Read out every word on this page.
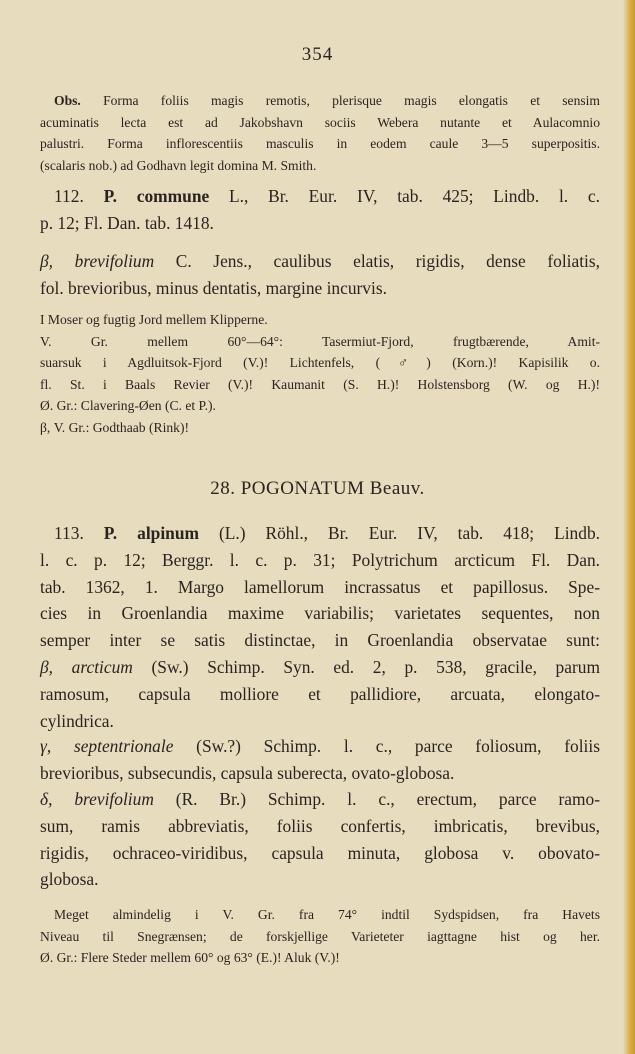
354

Obs. Forma foliis magis remotis, plerisque magis elongatis et sensim

acuminatis lecta est ad Jakobshavn sociis Webera nutante et Aulacomnio

palustri. Forma inflorescentiis masculis in eodem caule 3—5 superpositis.

(scalaris nob.) ad Godhavn legit domina M. Smith.

112. P. commune L., Br. Eur. IV, tab. 425; Lindb. l. c.

p. 12; Fl. Dan. tab. 1418.

β, brevifolium C. Jens., caulibus elatis, rigidis, dense foliatis,

fol. brevioribus, minus dentatis, margine incurvis.

I Moser og fugtig Jord mellem Klipperne.

V. Gr. mellem 60°—64°: Tasermiut-Fjord, frugtbærende, Amit-

suarsuk i Agdluitsok-Fjord (V.)! Lichtenfels, (♂) (Korn.)! Kapisilik o.

fl. St. i Baals Revier (V.)! Kaumanit (S. H.)! Holstensborg (W. og H.)!

Ø. Gr.: Clavering-Øen (C. et P.).

β, V. Gr.: Godthaab (Rink)!

28. POGONATUM Beauv.

113. P. alpinum (L.) Röhl., Br. Eur. IV, tab. 418; Lindb.

l. c. p. 12; Berggr. l. c. p. 31; Polytrichum arcticum Fl. Dan.

tab. 1362, 1. Margo lamellorum incrassatus et papillosus. Spe-

cies in Groenlandia maxime variabilis; varietates sequentes, non

semper inter se satis distinctae, in Groenlandia observatae sunt:

β, arcticum (Sw.) Schimp. Syn. ed. 2, p. 538, gracile, parum

ramosum, capsula molliore et pallidiore, arcuata, elongato-

cylindrica.

γ, septentrionale (Sw.?) Schimp. l. c., parce foliosum, foliis

brevioribus, subsecundis, capsula suberecta, ovato-globosa.

δ, brevifolium (R. Br.) Schimp. l. c., erectum, parce ramo-

sum, ramis abbreviatis, foliis confertis, imbricatis, brevibus,

rigidis, ochraceo-viridibus, capsula minuta, globosa v. obovato-

globosa.

Meget almindelig i V. Gr. fra 74° indtil Sydspidsen, fra Havets

Niveau til Snegrænsen; de forskjellige Varieteter iagttagne hist og her.

Ø. Gr.: Flere Steder mellem 60° og 63° (E.)! Aluk (V.)!
